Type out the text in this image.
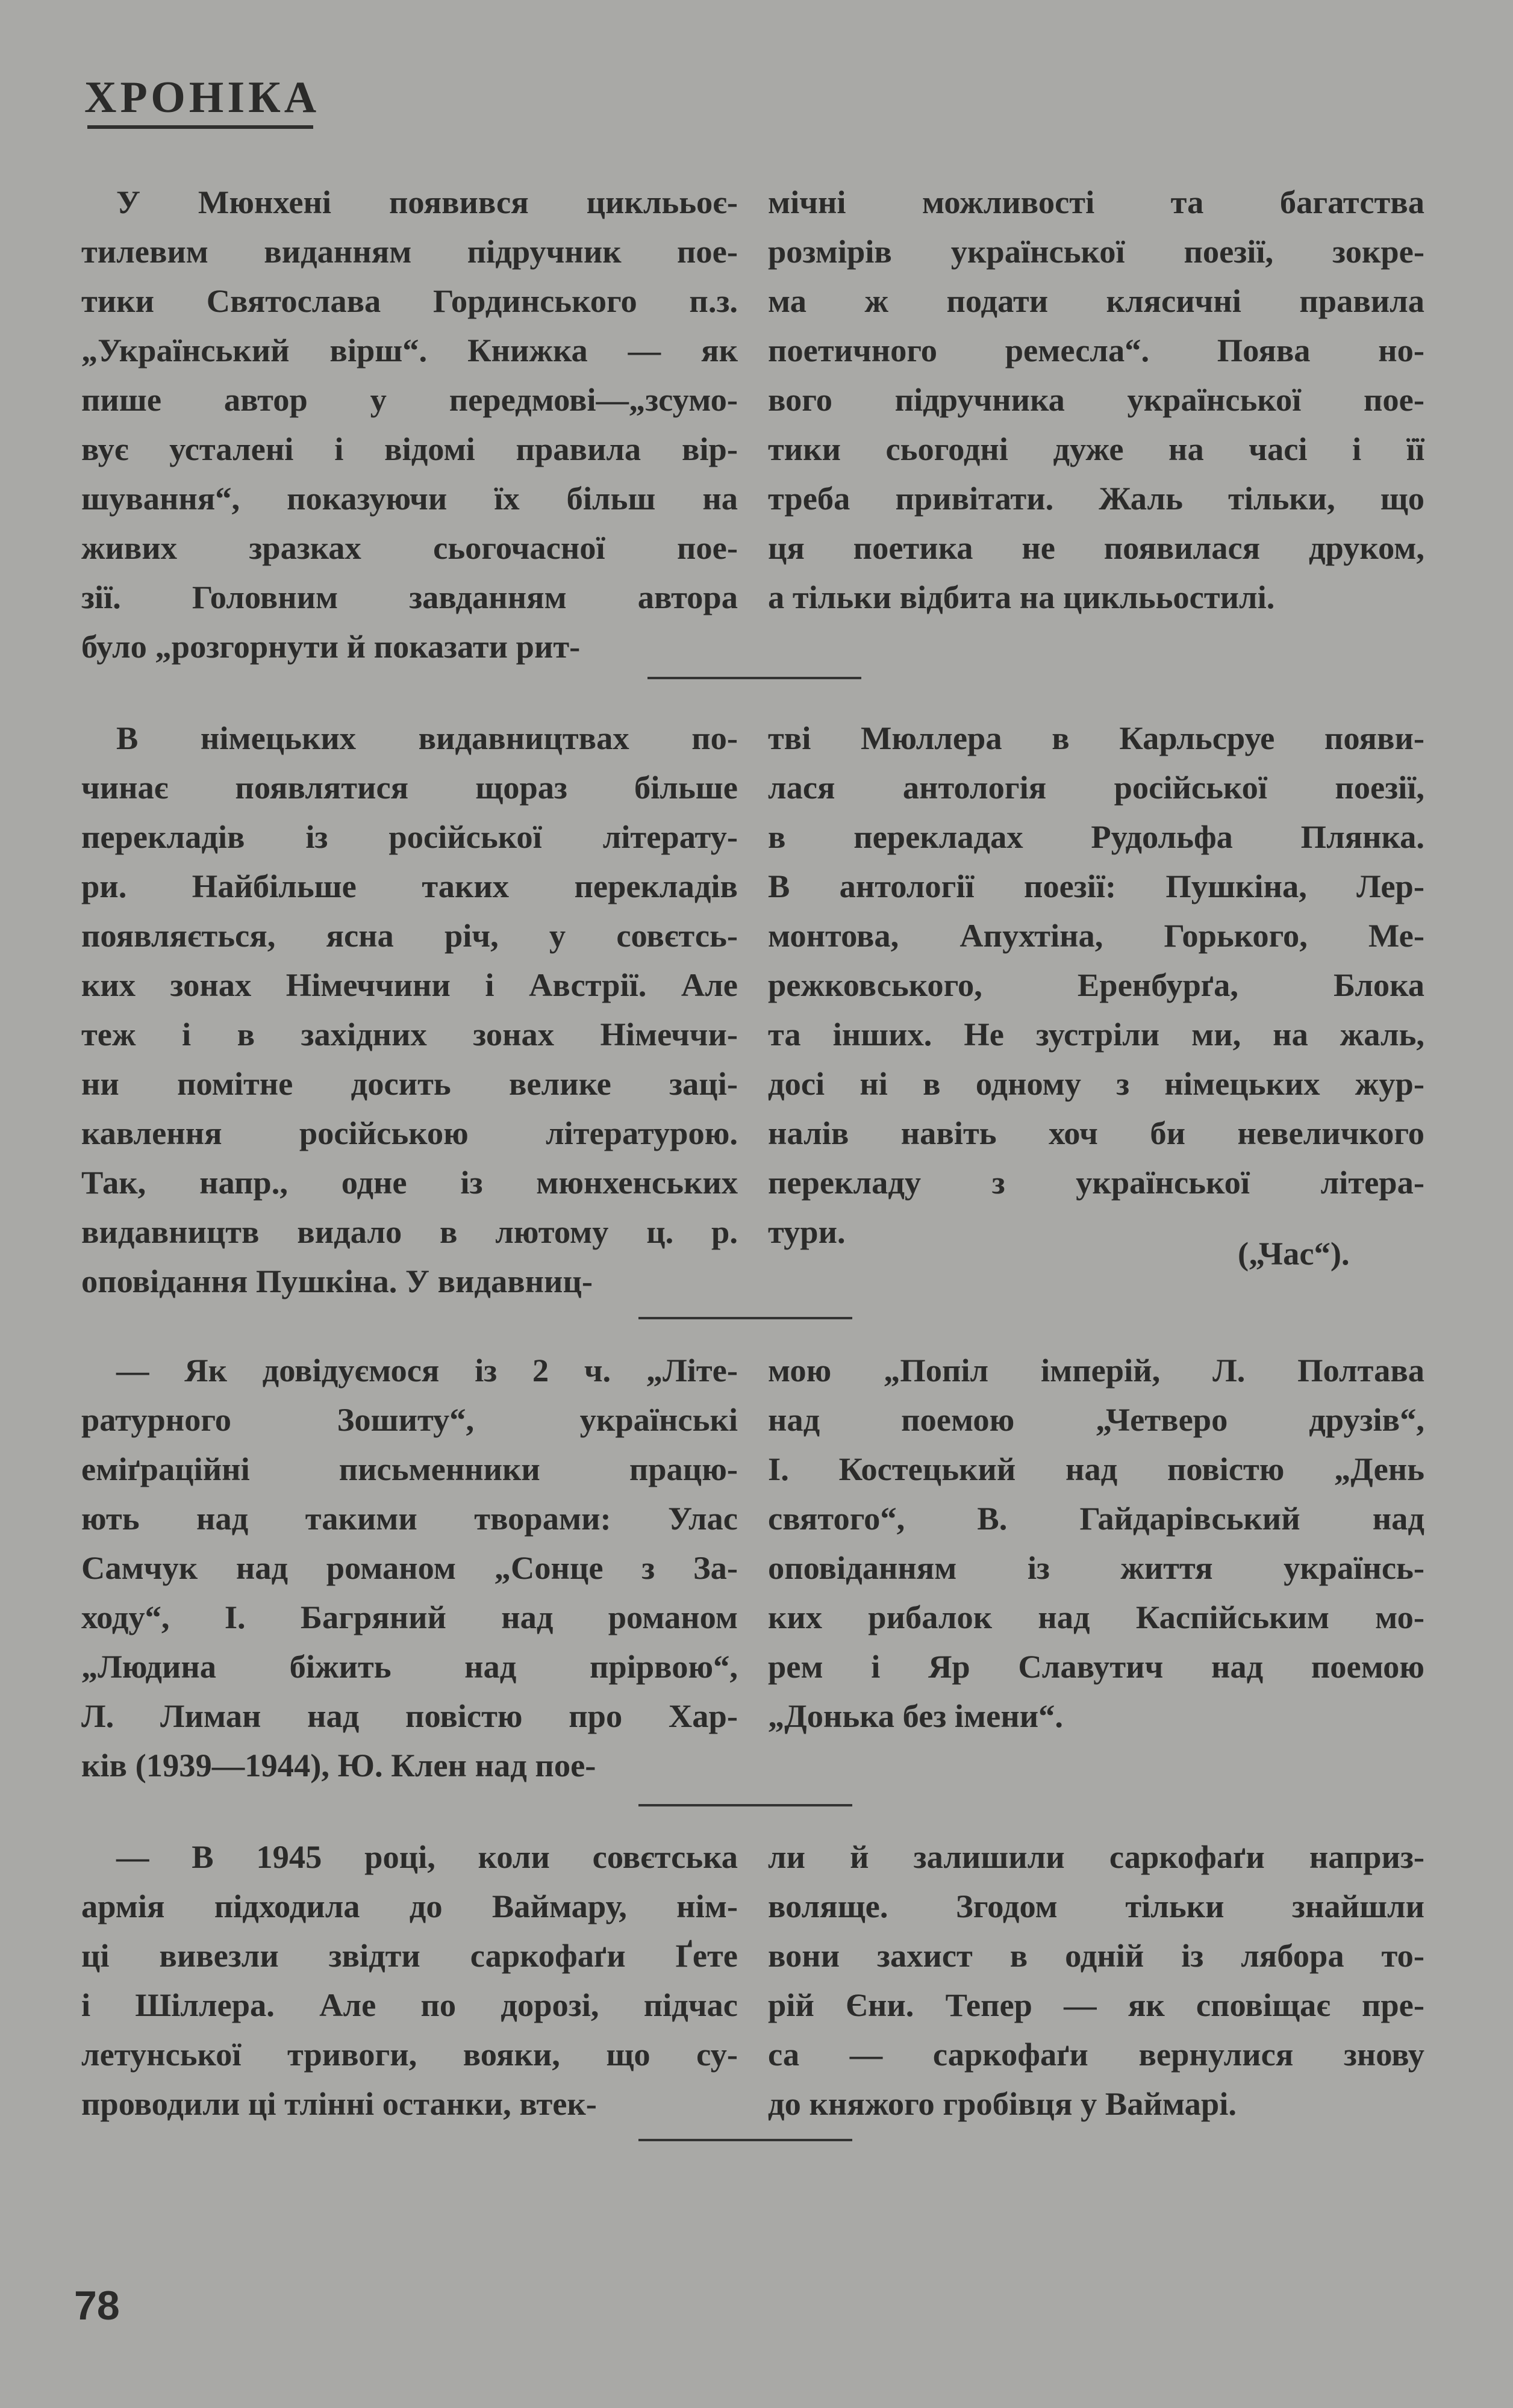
ХРОНІКА
У Мюнхені появився циклььоє-
тилевим виданням підручник пое-
тики Святослава Гординського п.з.
„Український вірш“. Книжка — як
пише автор у передмові—„зсумо-
вує усталені і відомі правила вір-
шування“, показуючи їх більш на
живих зразках сьогочасної пое-
зії. Головним завданням автора
було „розгорнути й показати рит-
мічні можливості та багатства
розмірів української поезії, зокре-
ма ж подати клясичні правила
поетичного ремесла“. Поява но-
вого підручника української пое-
тики сьогодні дуже на часі і її
треба привітати. Жаль тільки, що
ця поетика не появилася друком,
а тільки відбита на циклььостилі.
В німецьких видавництвах по-
чинає появлятися щораз більше
перекладів із російської літерату-
ри. Найбільше таких перекладів
появляється, ясна річ, у совєтсь-
ких зонах Німеччини і Австрії. Але
теж і в західних зонах Німеччи-
ни помітне досить велике заці-
кавлення російською літературою.
Так, напр., одне із мюнхенських
видавництв видало в лютому ц. р.
оповідання Пушкіна. У видавниц-
тві Мюллера в Карльсруе появи-
лася антологія російської поезії,
в перекладах Рудольфа Плянка.
В антології поезії: Пушкіна, Лер-
монтова, Апухтіна, Горького, Ме-
режковського, Еренбурґа, Блока
та інших. Не зустріли ми, на жаль,
досі ні в одному з німецьких жур-
налів навіть хоч би невеличкого
перекладу з української літера-
тури.
(„Час“).
— Як довідуємося із 2 ч. „Літе-
ратурного Зошиту“, українські
еміґраційні письменники працю-
ють над такими творами: Улас
Самчук над романом „Сонце з За-
ходу“, І. Багряний над романом
„Людина біжить над прірвою“,
Л. Лиман над повістю про Хар-
ків (1939—1944), Ю. Клен над пое-
мою „Попіл імперій, Л. Полтава
над поемою „Четверо друзів“,
І. Костецький над повістю „День
святого“, В. Гайдарівський над
оповіданням із життя українсь-
ких рибалок над Каспійським мо-
рем і Яр Славутич над поемою
„Донька без імени“.
— В 1945 році, коли совєтська
армія підходила до Ваймару, нім-
ці вивезли звідти саркофаґи Ґете
і Шіллера. Але по дорозі, підчас
летунської тривоги, вояки, що су-
проводили ці тлінні останки, втек-
ли й залишили саркофаґи наприз-
воляще. Згодом тільки знайшли
вони захист в одній із лябора то-
рій Єни. Тепер — як сповіщає пре-
са — саркофаґи вернулися знову
до княжого гробівця у Ваймарі.
78
